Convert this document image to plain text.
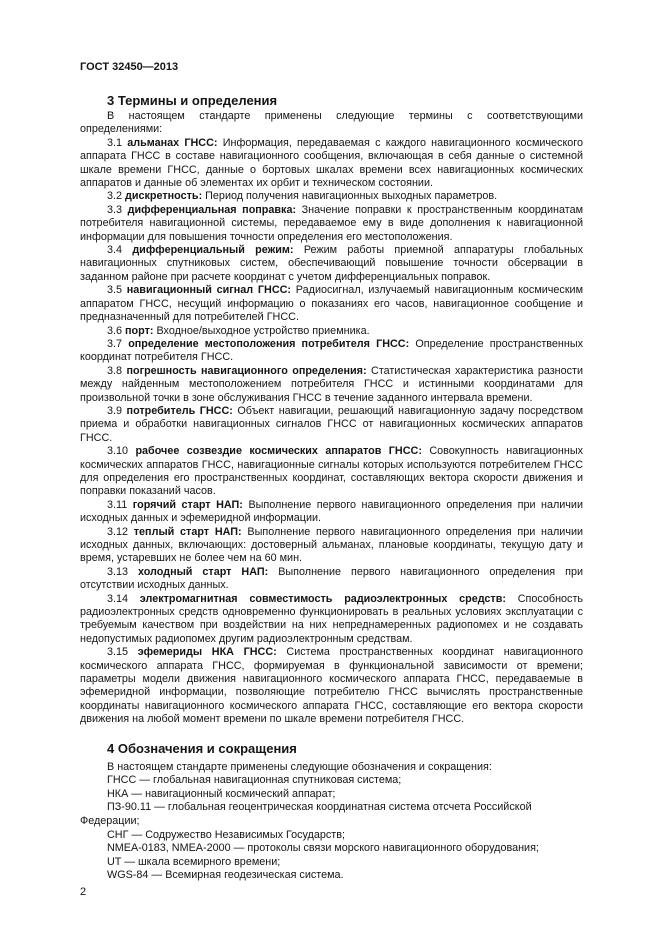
ГОСТ 32450—2013

3 Термины и определения

В настоящем стандарте применены следующие термины с соответствующими определениями:

3.1 альманах ГНСС: Информация, передаваемая с каждого навигационного космического аппарата ГНСС в составе навигационного сообщения, включающая в себя данные о системной шкале времени ГНСС, данные о бортовых шкалах времени всех навигационных космических аппаратов и данные об элементах их орбит и техническом состоянии.

3.2 дискретность: Период получения навигационных выходных параметров.

3.3 дифференциальная поправка: Значение поправки к пространственным координатам потребителя навигационной системы, передаваемое ему в виде дополнения к навигационной информации для повышения точности определения его местоположения.

3.4 дифференциальный режим: Режим работы приемной аппаратуры глобальных навигационных спутниковых систем, обеспечивающий повышение точности обсервации в заданном районе при расчете координат с учетом дифференциальных поправок.

3.5 навигационный сигнал ГНСС: Радиосигнал, излучаемый навигационным космическим аппаратом ГНСС, несущий информацию о показаниях его часов, навигационное сообщение и предназначенный для потребителей ГНСС.

3.6 порт: Входное/выходное устройство приемника.

3.7 определение местоположения потребителя ГНСС: Определение пространственных координат потребителя ГНСС.

3.8 погрешность навигационного определения: Статистическая характеристика разности между найденным местоположением потребителя ГНСС и истинными координатами для произвольной точки в зоне обслуживания ГНСС в течение заданного интервала времени.

3.9 потребитель ГНСС: Объект навигации, решающий навигационную задачу посредством приема и обработки навигационных сигналов ГНСС от навигационных космических аппаратов ГНСС.

3.10 рабочее созвездие космических аппаратов ГНСС: Совокупность навигационных космических аппаратов ГНСС, навигационные сигналы которых используются потребителем ГНСС для определения его пространственных координат, составляющих вектора скорости движения и поправки показаний часов.

3.11 горячий старт НАП: Выполнение первого навигационного определения при наличии исходных данных и эфемеридной информации.

3.12 теплый старт НАП: Выполнение первого навигационного определения при наличии исходных данных, включающих: достоверный альманах, плановые координаты, текущую дату и время, устаревших не более чем на 60 мин.

3.13 холодный старт НАП: Выполнение первого навигационного определения при отсутствии исходных данных.

3.14 электромагнитная совместимость радиоэлектронных средств: Способность радиоэлектронных средств одновременно функционировать в реальных условиях эксплуатации с требуемым качеством при воздействии на них непреднамеренных радиопомех и не создавать недопустимых радиопомех другим радиоэлектронным средствам.

3.15 эфемериды НКА ГНСС: Система пространственных координат навигационного космического аппарата ГНСС, формируемая в функциональной зависимости от времени; параметры модели движения навигационного космического аппарата ГНСС, передаваемые в эфемеридной информации, позволяющие потребителю ГНСС вычислять пространственные координаты навигационного космического аппарата ГНСС, составляющие его вектора скорости движения на любой момент времени по шкале времени потребителя ГНСС.

4 Обозначения и сокращения

В настоящем стандарте применены следующие обозначения и сокращения:

ГНСС — глобальная навигационная спутниковая система;

НКА — навигационный космический аппарат;

ПЗ-90.11 — глобальная геоцентрическая координатная система отсчета Российской Федерации;

СНГ — Содружество Независимых Государств;

NMEA-0183, NMEA-2000 — протоколы связи морского навигационного оборудования;

UT — шкала всемирного времени;

WGS-84 — Всемирная геодезическая система.

2
